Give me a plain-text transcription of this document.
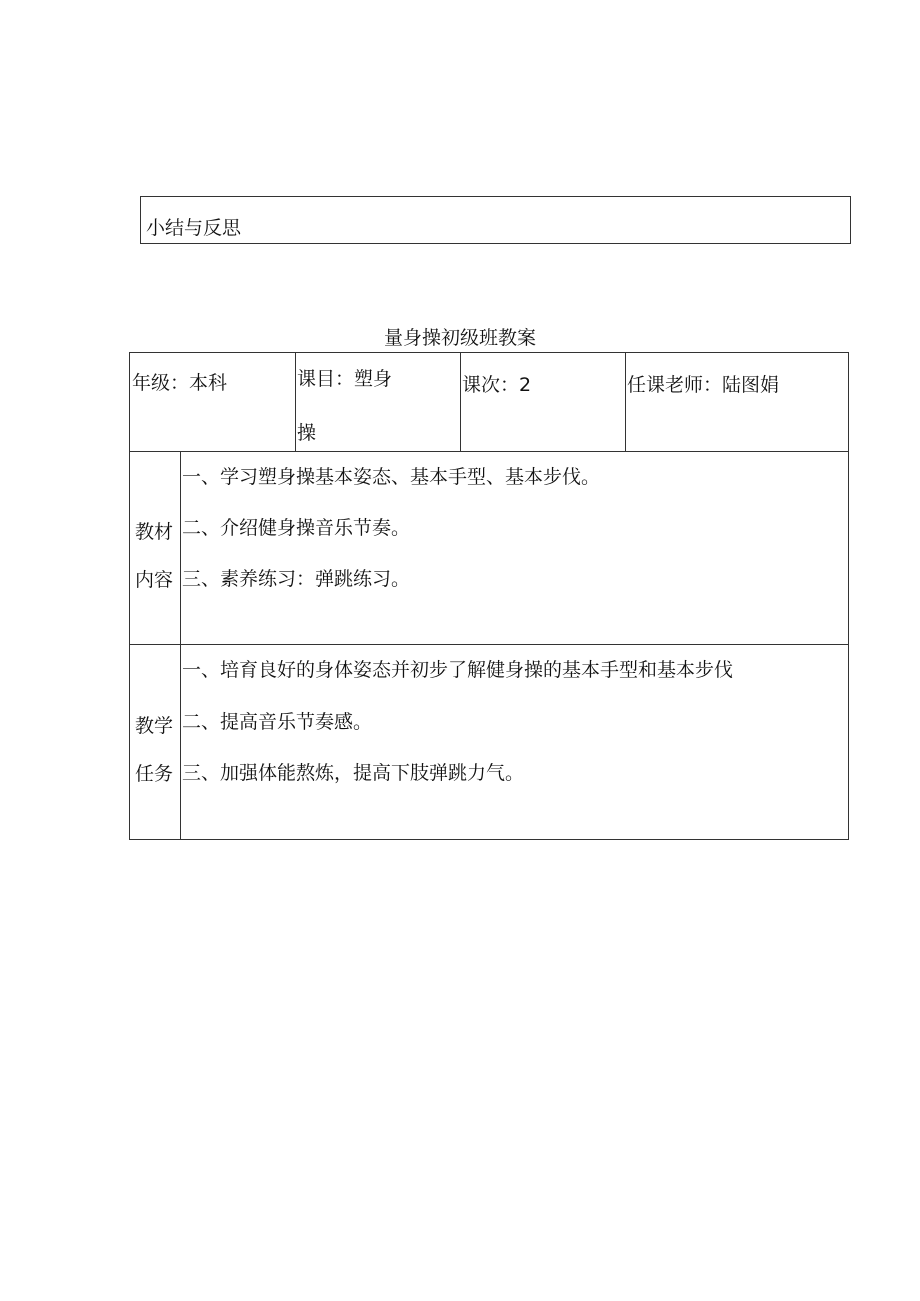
小结与反思
量身操初级班教案
年级：本科	课目：塑身
操
课次：2	任课老师：陆图娟
教材
内容
一、学习塑身操基本姿态、基本手型、基本步伐。
二、介绍健身操音乐节奏。
三、素养练习：弹跳练习。
教学
任务
一、培育良好的身体姿态并初步了解健身操的基本手型和基本步伐
二、提高音乐节奏感。
三、加强体能熬炼，提高下肢弹跳力气。
